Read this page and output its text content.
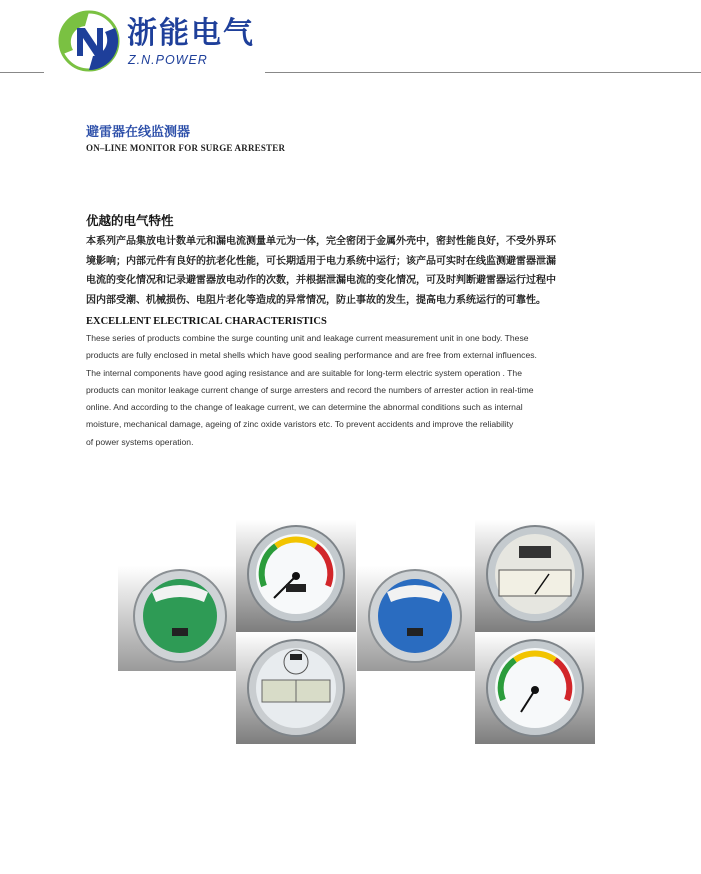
浙能电气
Z.N.POWER
避雷器在线监测器
ON–LINE MONITOR FOR SURGE ARRESTER
优越的电气特性
本系列产品集放电计数单元和漏电流测量单元为一体，完全密闭于金属外壳中，密封性能良好，不受外界环
境影响；内部元件有良好的抗老化性能，可长期适用于电力系统中运行；该产品可实时在线监测避雷器泄漏
电流的变化情况和记录避雷器放电动作的次数，并根据泄漏电流的变化情况，可及时判断避雷器运行过程中
因内部受潮、机械损伤、电阻片老化等造成的异常情况，防止事故的发生，提高电力系统运行的可靠性。
EXCELLENT ELECTRICAL CHARACTERISTICS
These series of products combine the surge counting unit and leakage current measurement unit in one body. These
products are fully enclosed in metal shells which have good sealing performance and are free from external influences.
The internal components have good aging resistance and are suitable for long-term electric system operation . The
products can monitor leakage current change of surge arresters and record the numbers of arrester action in real-time
online. And according to the change of leakage current, we can determine the abnormal conditions such as internal
moisture, mechanical damage, ageing of zinc oxide varistors etc. To prevent accidents and improve the reliability
of power systems operation.
